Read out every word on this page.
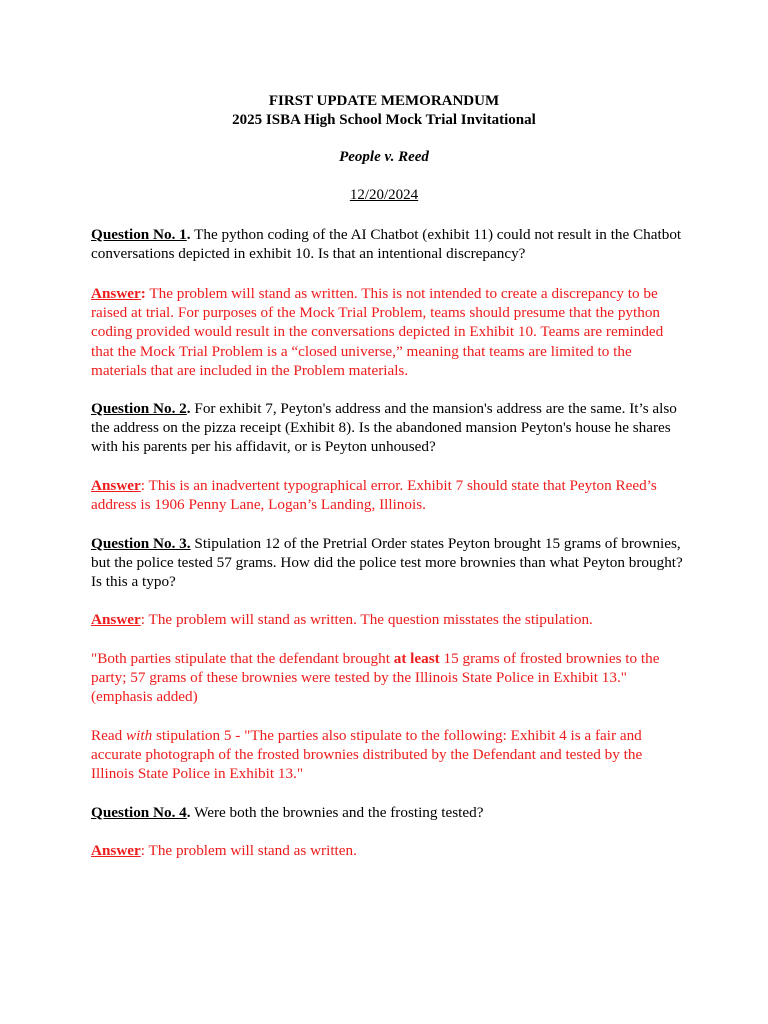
FIRST UPDATE MEMORANDUM
2025 ISBA High School Mock Trial Invitational
People v. Reed
12/20/2024
Question No. 1. The python coding of the AI Chatbot (exhibit 11) could not result in the Chatbot conversations depicted in exhibit 10. Is that an intentional discrepancy?
Answer: The problem will stand as written. This is not intended to create a discrepancy to be raised at trial. For purposes of the Mock Trial Problem, teams should presume that the python coding provided would result in the conversations depicted in Exhibit 10. Teams are reminded that the Mock Trial Problem is a “closed universe,” meaning that teams are limited to the materials that are included in the Problem materials.
Question No. 2. For exhibit 7, Peyton's address and the mansion's address are the same. It’s also the address on the pizza receipt (Exhibit 8). Is the abandoned mansion Peyton's house he shares with his parents per his affidavit, or is Peyton unhoused?
Answer: This is an inadvertent typographical error. Exhibit 7 should state that Peyton Reed’s address is 1906 Penny Lane, Logan’s Landing, Illinois.
Question No. 3. Stipulation 12 of the Pretrial Order states Peyton brought 15 grams of brownies, but the police tested 57 grams. How did the police test more brownies than what Peyton brought? Is this a typo?
Answer: The problem will stand as written. The question misstates the stipulation.
"Both parties stipulate that the defendant brought at least 15 grams of frosted brownies to the party; 57 grams of these brownies were tested by the Illinois State Police in Exhibit 13." (emphasis added)
Read with stipulation 5 - "The parties also stipulate to the following: Exhibit 4 is a fair and accurate photograph of the frosted brownies distributed by the Defendant and tested by the Illinois State Police in Exhibit 13."
Question No. 4. Were both the brownies and the frosting tested?
Answer: The problem will stand as written.
